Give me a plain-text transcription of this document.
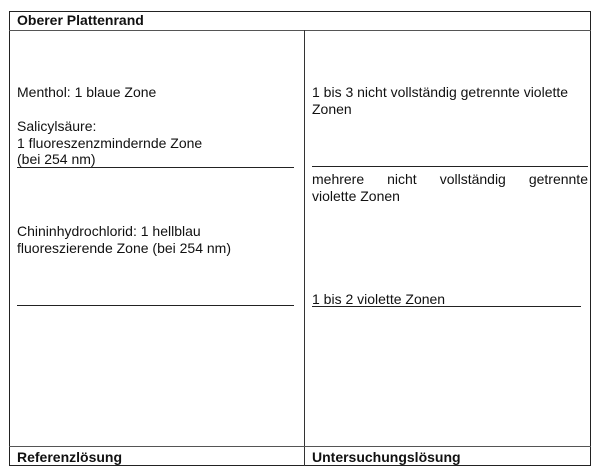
Oberer Plattenrand
Referenzlösung	Untersuchungslösung
Menthol: 1 blaue Zone
Salicylsäure:
1 fluoreszenzmindernde Zone
(bei 254 nm)
Chininhydrochlorid: 1 hellblau
fluoreszierende Zone (bei 254 nm)
1 bis 3 nicht vollständig getrennte violette
Zonen
mehrere nicht vollständig getrennte
violette Zonen
1 bis 2 violette Zonen
